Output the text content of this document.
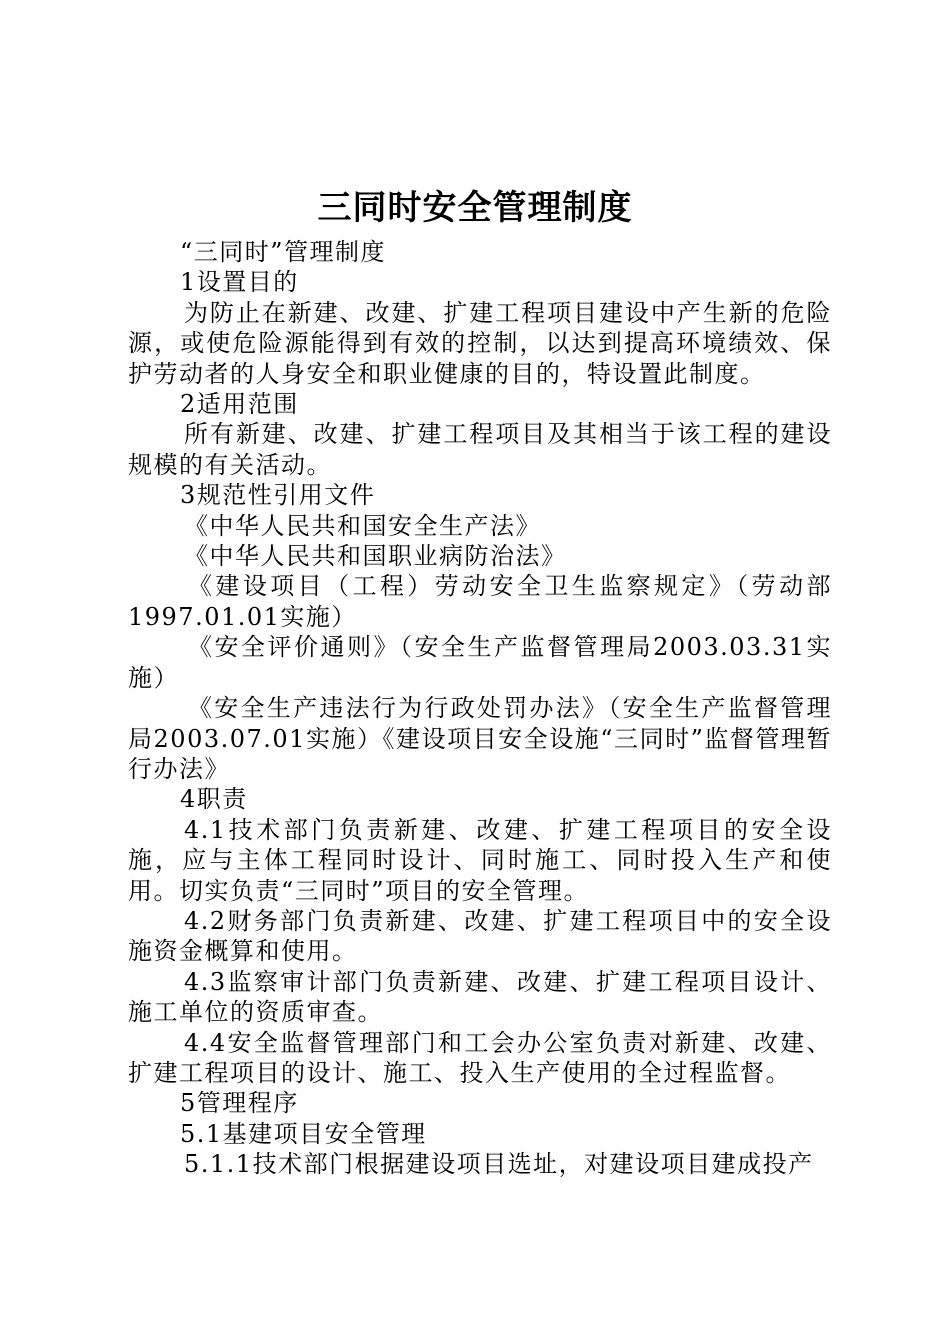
三同时安全管理制度

“三同时”管理制度

1设置目的

为防止在新建、改建、扩建工程项目建设中产生新的危险源，或使危险源能得到有效的控制，以达到提高环境绩效、保护劳动者的人身安全和职业健康的目的，特设置此制度。

2适用范围

所有新建、改建、扩建工程项目及其相当于该工程的建设规模的有关活动。

3规范性引用文件

《中华人民共和国安全生产法》

《中华人民共和国职业病防治法》

《建设项目（工程）劳动安全卫生监察规定》（劳动部1997.01.01实施）

《安全评价通则》（安全生产监督管理局2003.03.31实施）

《安全生产违法行为行政处罚办法》（安全生产监督管理局2003.07.01实施）《建设项目安全设施“三同时”监督管理暂行办法》

4职责

4.1技术部门负责新建、改建、扩建工程项目的安全设施，应与主体工程同时设计、同时施工、同时投入生产和使用。切实负责“三同时”项目的安全管理。

4.2财务部门负责新建、改建、扩建工程项目中的安全设施资金概算和使用。

4.3监察审计部门负责新建、改建、扩建工程项目设计、施工单位的资质审查。

4.4安全监督管理部门和工会办公室负责对新建、改建、扩建工程项目的设计、施工、投入生产使用的全过程监督。

5管理程序

5.1基建项目安全管理

5.1.1技术部门根据建设项目选址，对建设项目建成投产
